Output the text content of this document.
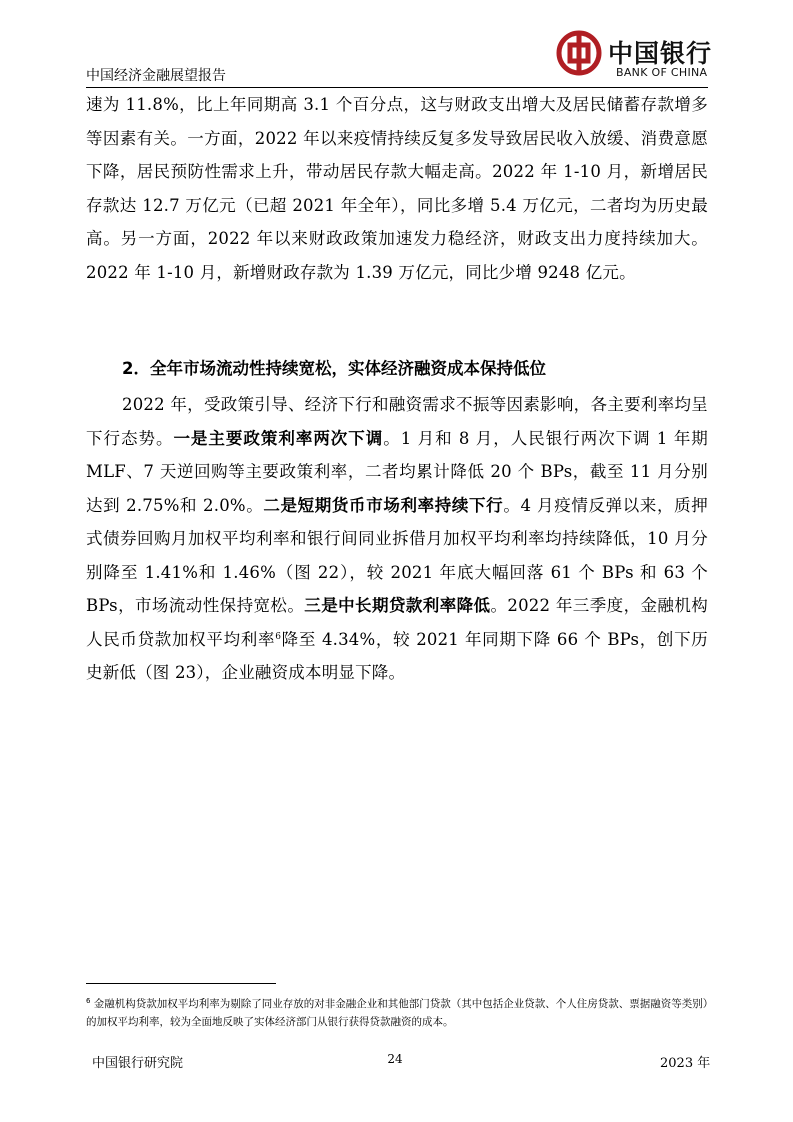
中国银行
BANK OF CHINA
中国经济金融展望报告

速为 11.8%，比上年同期高 3.1 个百分点，这与财政支出增大及居民储蓄存款增多等因素有关。一方面，2022 年以来疫情持续反复多发导致居民收入放缓、消费意愿下降，居民预防性需求上升，带动居民存款大幅走高。2022 年 1-10 月，新增居民存款达 12.7 万亿元（已超 2021 年全年），同比多增 5.4 万亿元，二者均为历史最高。另一方面，2022 年以来财政政策加速发力稳经济，财政支出力度持续加大。2022 年 1-10 月，新增财政存款为 1.39 万亿元，同比少增 9248 亿元。

2．全年市场流动性持续宽松，实体经济融资成本保持低位

2022 年，受政策引导、经济下行和融资需求不振等因素影响，各主要利率均呈下行态势。一是主要政策利率两次下调。1 月和 8 月，人民银行两次下调 1 年期 MLF、7 天逆回购等主要政策利率，二者均累计降低 20 个 BPs，截至 11 月分别达到 2.75%和 2.0%。二是短期货币市场利率持续下行。4 月疫情反弹以来，质押式债券回购月加权平均利率和银行间同业拆借月加权平均利率均持续降低，10 月分别降至 1.41%和 1.46%（图 22），较 2021 年底大幅回落 61 个 BPs 和 63 个 BPs，市场流动性保持宽松。三是中长期贷款利率降低。2022 年三季度，金融机构人民币贷款加权平均利率$^6$降至 4.34%，较 2021 年同期下降 66 个 BPs，创下历史新低（图 23），企业融资成本明显下降。

$^6$ 金融机构贷款加权平均利率为剔除了同业存放的对非金融企业和其他部门贷款（其中包括企业贷款、个人住房贷款、票据融资等类别）的加权平均利率，较为全面地反映了实体经济部门从银行获得贷款融资的成本。

中国银行研究院	24	2023 年
